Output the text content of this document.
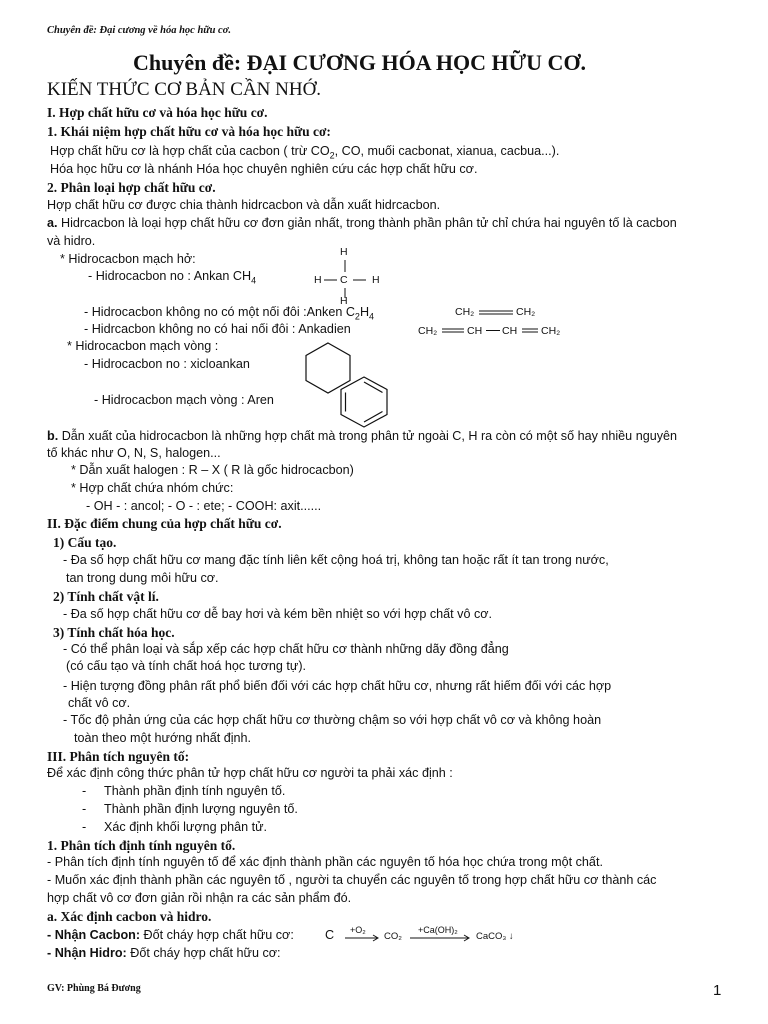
Chuyên đề: Đại cương về hóa học hữu cơ.
Chuyên đề: ĐẠI CƯƠNG HÓA HỌC HỮU CƠ.
KIẾN THỨC CƠ BẢN CẦN NHỚ.
I. Hợp chất hữu cơ và hóa học hữu cơ.
1. Khái niệm hợp chất hữu cơ và hóa học hữu cơ:
Hợp chất hữu cơ là hợp chất của cacbon ( trừ $CO_2$, CO, muối cacbonat, xianua, cacbua...).
Hóa học hữu cơ là nhánh Hóa học chuyên nghiên cứu các hợp chất hữu cơ.
2. Phân loại hợp chất hữu cơ.
Hợp chất hữu cơ được chia thành hidrcacbon và dẫn xuất hidrcacbon.
a. Hidrcacbon là loại hợp chất hữu cơ đơn giản nhất, trong thành phần phân tử chỉ chứa hai nguyên tố là cacbon
và hidro.
* Hidrocacbon mạch hở:
- Hidrocacbon no : Ankan $CH_4$
H
H C H
H
- Hidrocacbon không no có một nối đôi :Anken $C_2H_4$	CH₂	CH₂
- Hidrcacbon không no có hai nối đôi : Ankadien	CH₂	CH CH CH₂
* Hidrocacbon mạch vòng :
- Hidrocacbon no : xicloankan
- Hidrocacbon mạch vòng : Aren
b. Dẫn xuất của hidrocacbon là những hợp chất mà trong phân tử ngoài C, H ra còn có một số hay nhiều nguyên
tố khác như O, N, S, halogen...
* Dẫn xuất halogen : R – X ( R là gốc hidrocacbon)
* Hợp chất chứa nhóm chức:
- OH - : ancol; - O - : ete; - COOH: axit......
II. Đặc điểm chung của hợp chất hữu cơ.
1) Cấu tạo.
- Đa số hợp chất hữu cơ mang đặc tính liên kết cộng hoá trị, không tan hoặc rất ít tan trong nước,
tan trong dung môi hữu cơ.
2) Tính chất vật lí.
- Đa số hợp chất hữu cơ dễ bay hơi và kém bền nhiệt so với hợp chất vô cơ.
3) Tính chất hóa học.
- Có thể phân loại và sắp xếp các hợp chất hữu cơ thành những dãy đồng đẳng
(có cấu tạo và tính chất hoá học tương tự).
- Hiện tượng đồng phân rất phổ biến đối với các hợp chất hữu cơ, nhưng rất hiếm đối với các hợp
chất vô cơ.
- Tốc độ phản ứng của các hợp chất hữu cơ thường chậm so với hợp chất vô cơ và không hoàn
toàn theo một hướng nhất định.
III. Phân tích nguyên tố:
Để xác định công thức phân tử hợp chất hữu cơ người ta phải xác định :
- Thành phần định tính nguyên tố.
- Thành phần định lượng nguyên tố.
- Xác định khối lượng phân tử.
1. Phân tích định tính nguyên tố.
- Phân tích định tính nguyên tố để xác định thành phần các nguyên tố hóa học chứa trong một chất.
- Muốn xác định thành phần các nguyên tố , người ta chuyển các nguyên tố trong hợp chất hữu cơ thành các
hợp chất vô cơ đơn giản rồi nhận ra các sản phẩm đó.
a. Xác định cacbon và hidro.
- Nhận Cacbon: Đốt cháy hợp chất hữu cơ: C +O₂
→ CO₂
+Ca(OH)₂
CaCO₃ ↓
- Nhận Hidro: Đốt cháy hợp chất hữu cơ:
GV: Phùng Bá Đương	1
